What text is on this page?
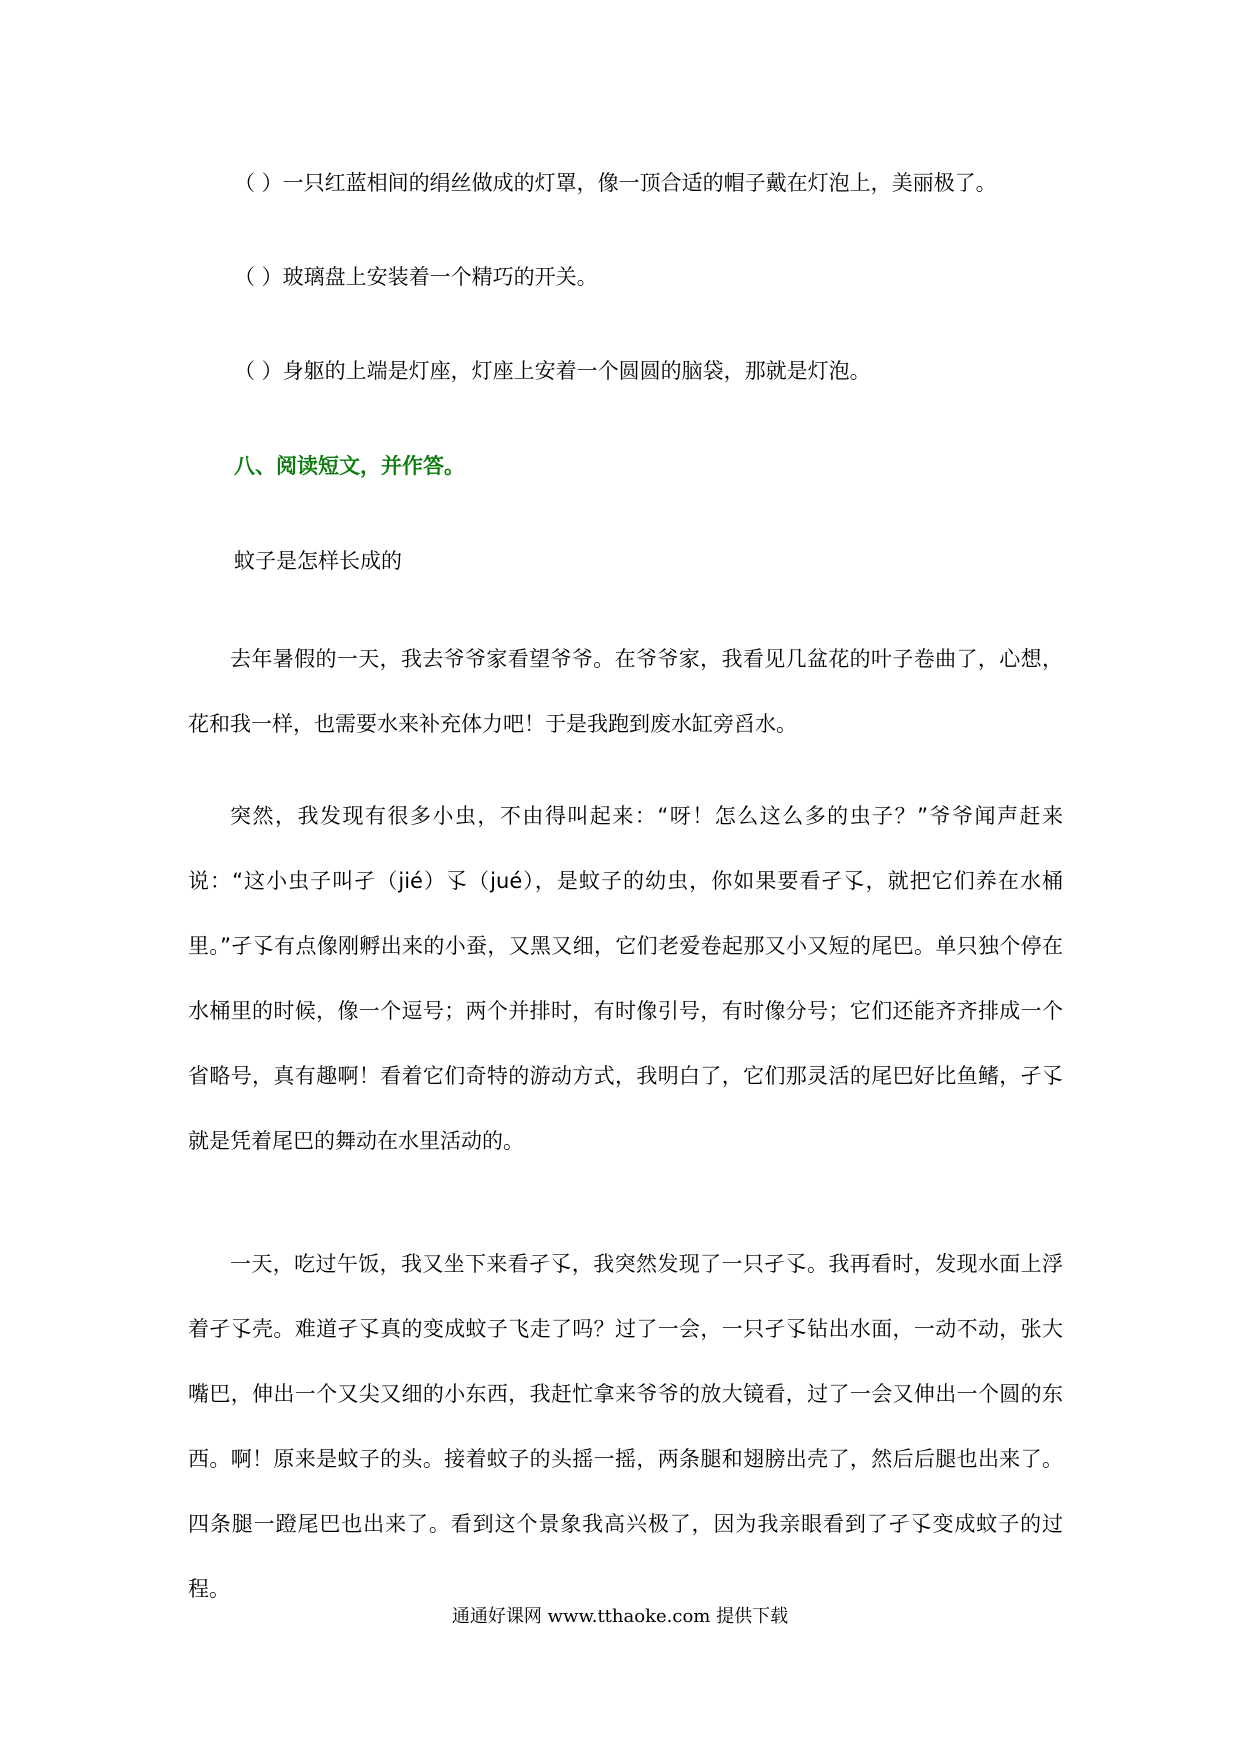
（ ）一只红蓝相间的绢丝做成的灯罩，像一顶合适的帽子戴在灯泡上，美丽极了。
（ ）玻璃盘上安装着一个精巧的开关。
（ ）身躯的上端是灯座，灯座上安着一个圆圆的脑袋，那就是灯泡。
八、阅读短文，并作答。
蚊子是怎样长成的

去年暑假的一天，我去爷爷家看望爷爷。在爷爷家，我看见几盆花的叶子卷曲了，心想，花和我一样，也需要水来补充体力吧！于是我跑到废水缸旁舀水。

突然，我发现有很多小虫，不由得叫起来：“呀！怎么这么多的虫子？”爷爷闻声赶来说：“这小虫子叫孑（jié）孓（jué），是蚊子的幼虫，你如果要看孑孓，就把它们养在水桶里。”孑孓有点像刚孵出来的小蚕，又黑又细，它们老爱卷起那又小又短的尾巴。单只独个停在水桶里的时候，像一个逗号；两个并排时，有时像引号，有时像分号；它们还能齐齐排成一个省略号，真有趣啊！看着它们奇特的游动方式，我明白了，它们那灵活的尾巴好比鱼鳍，孑孓就是凭着尾巴的舞动在水里活动的。

一天，吃过午饭，我又坐下来看孑孓，我突然发现了一只孑孓。我再看时，发现水面上浮着孑孓壳。难道孑孓真的变成蚊子飞走了吗？过了一会，一只孑孓钻出水面，一动不动，张大嘴巴，伸出一个又尖又细的小东西，我赶忙拿来爷爷的放大镜看，过了一会又伸出一个圆的东西。啊！原来是蚊子的头。接着蚊子的头摇一摇，两条腿和翅膀出壳了，然后后腿也出来了。四条腿一蹬尾巴也出来了。看到这个景象我高兴极了，因为我亲眼看到了孑孓变成蚊子的过程。

通通好课网 www.tthaoke.com 提供下载
